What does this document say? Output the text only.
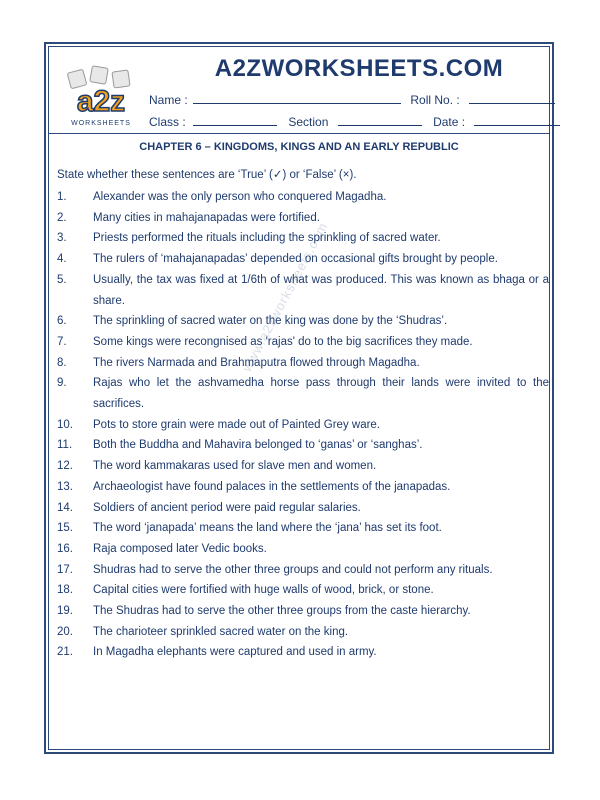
a2z
WORKSHEETS
A2ZWORKSHEETS.COM
Name :	Roll No. :
Class :	Section	Date :
CHAPTER 6 – KINGDOMS, KINGS AND AN EARLY REPUBLIC
State whether these sentences are ‘True’ (✓) or ‘False’ (×).
www.a2zworksheets.com
1.	Alexander was the only person who conquered Magadha.
2.	Many cities in mahajanapadas were fortified.
3.	Priests performed the rituals including the sprinkling of sacred water.
4.	The rulers of ‘mahajanapadas’ depended on occasional gifts brought by people.
5.	Usually, the tax was fixed at 1/6th of what was produced. This was known as bhaga or a share.
6.	The sprinkling of sacred water on the king was done by the ‘Shudras’.
7.	Some kings were recongnised as 'rajas' do to the big sacrifices they made.
8.	The rivers Narmada and Brahmaputra flowed through Magadha.
9.	Rajas who let the ashvamedha horse pass through their lands were invited to the sacrifices.
10.	Pots to store grain were made out of Painted Grey ware.
11.	Both the Buddha and Mahavira belonged to ‘ganas’ or ‘sanghas’.
12.	The word kammakaras used for slave men and women.
13.	Archaeologist have found palaces in the settlements of the janapadas.
14.	Soldiers of ancient period were paid regular salaries.
15.	The word ‘janapada’ means the land where the ‘jana’ has set its foot.
16.	Raja composed later Vedic books.
17.	Shudras had to serve the other three groups and could not perform any rituals.
18.	Capital cities were fortified with huge walls of wood, brick, or stone.
19.	The Shudras had to serve the other three groups from the caste hierarchy.
20.	The charioteer sprinkled sacred water on the king.
21.	In Magadha elephants were captured and used in army.
